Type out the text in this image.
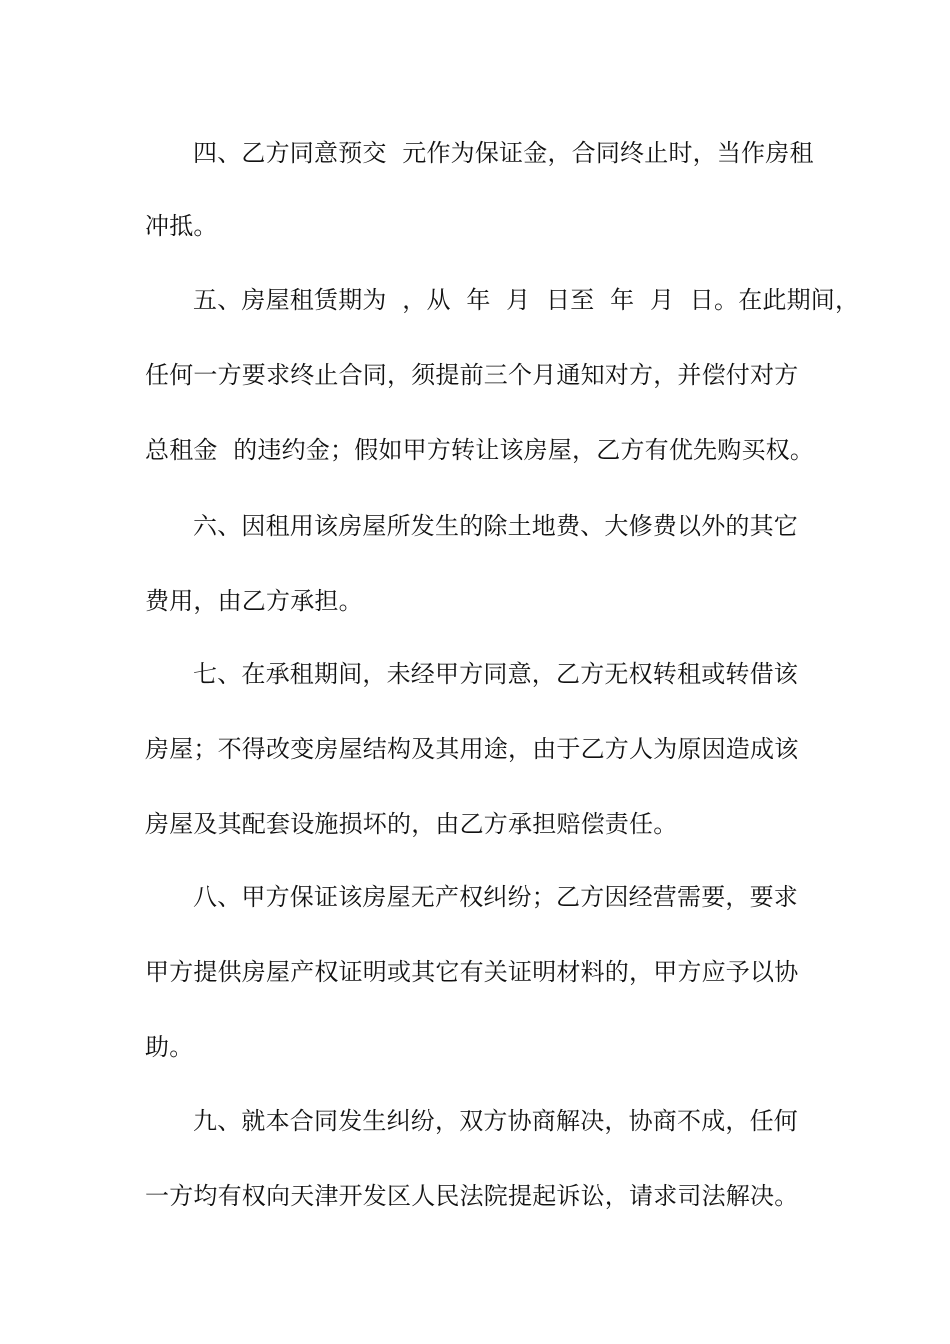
四、乙方同意预交  元作为保证金，合同终止时，当作房租
冲抵。
五、房屋租赁期为  ，从  年  月  日至  年  月  日。在此期间，
任何一方要求终止合同，须提前三个月通知对方，并偿付对方
总租金  的违约金；假如甲方转让该房屋，乙方有优先购买权。
六、因租用该房屋所发生的除土地费、大修费以外的其它
费用，由乙方承担。
七、在承租期间，未经甲方同意，乙方无权转租或转借该
房屋；不得改变房屋结构及其用途，由于乙方人为原因造成该
房屋及其配套设施损坏的，由乙方承担赔偿责任。
八、甲方保证该房屋无产权纠纷；乙方因经营需要，要求
甲方提供房屋产权证明或其它有关证明材料的，甲方应予以协
助。
九、就本合同发生纠纷，双方协商解决，协商不成，任何
一方均有权向天津开发区人民法院提起诉讼，请求司法解决。
